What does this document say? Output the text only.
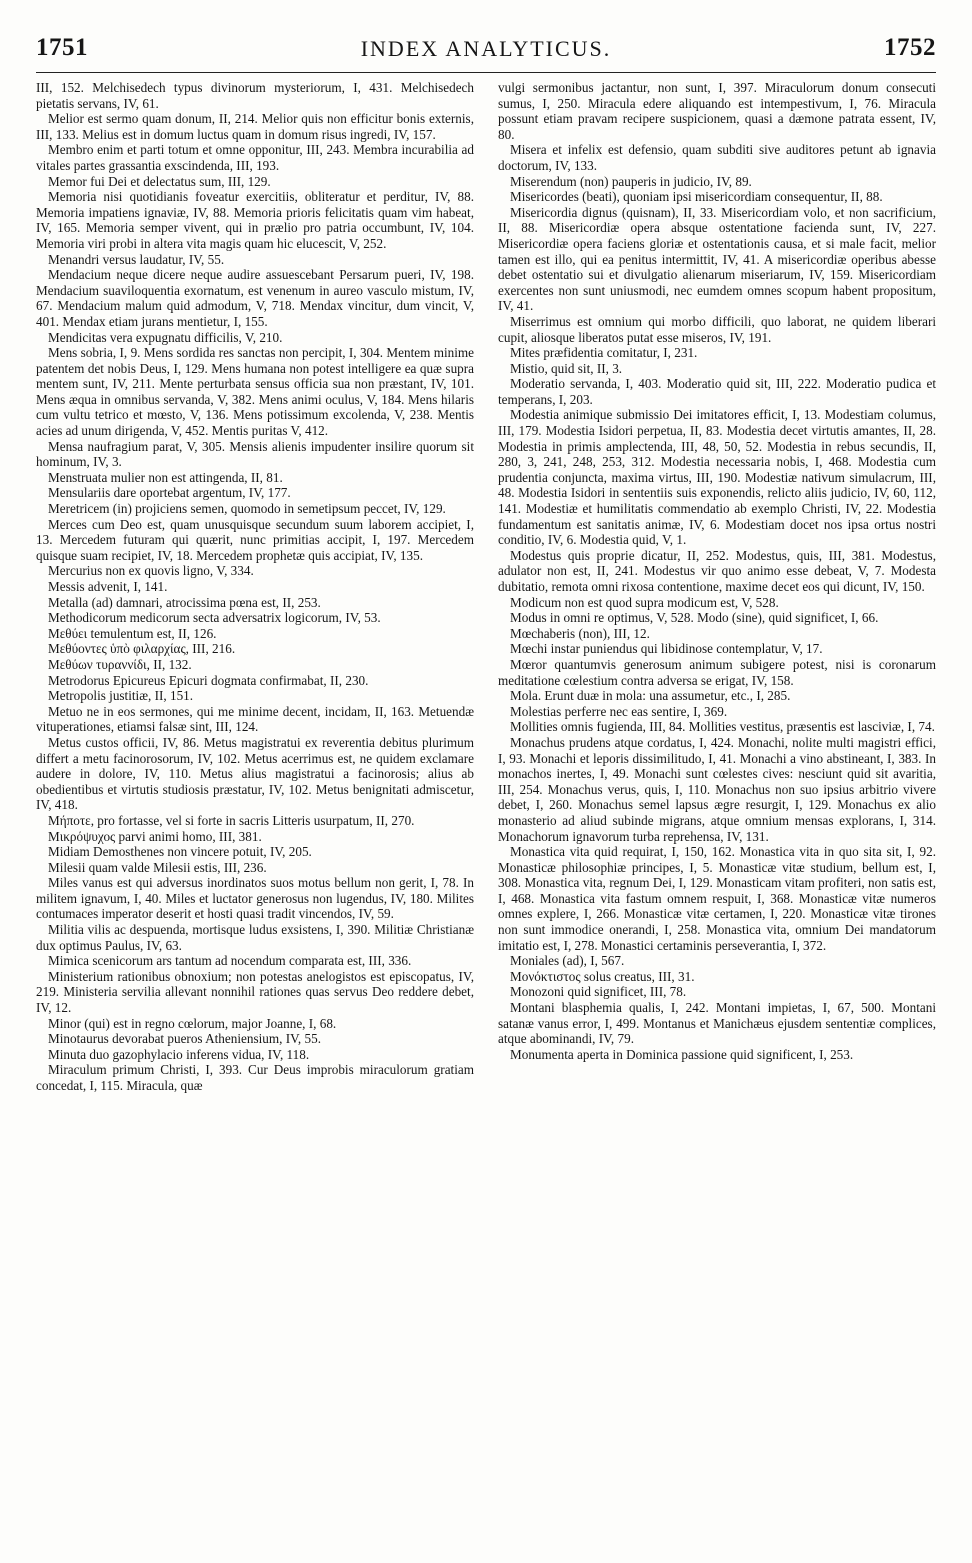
1751	INDEX ANALYTICUS.	1752

III, 152. Melchisedech typus divinorum mysteriorum, I, 431. Melchisedech pietatis servans, IV, 61.

Melior est sermo quam donum, II, 214. Melior quis non efficitur bonis externis, III, 133. Melius est in domum luctus quam in domum risus ingredi, IV, 157.

Membro enim et parti totum et omne opponitur, III, 243. Membra incurabilia ad vitales partes grassantia exscindenda, III, 193.

Memor fui Dei et delectatus sum, III, 129.

Memoria nisi quotidianis foveatur exercitiis, obliteratur et perditur, IV, 88. Memoria impatiens ignaviæ, IV, 88. Memoria prioris felicitatis quam vim habeat, IV, 165. Memoria semper vivent, qui in prælio pro patria occumbunt, IV, 104. Memoria viri probi in altera vita magis quam hic elucescit, V, 252.

Menandri versus laudatur, IV, 55.

Mendacium neque dicere neque audire assuescebant Persarum pueri, IV, 198. Mendacium suaviloquentia exornatum, est venenum in aureo vasculo mistum, IV, 67. Mendacium malum quid admodum, V, 718. Mendax vincitur, dum vincit, V, 401. Mendax etiam jurans mentietur, I, 155.

Mendicitas vera expugnatu difficilis, V, 210.

Mens sobria, I, 9. Mens sordida res sanctas non percipit, I, 304. Mentem minime patentem det nobis Deus, I, 129. Mens humana non potest intelligere ea quæ supra mentem sunt, IV, 211. Mente perturbata sensus officia sua non præstant, IV, 101. Mens æqua in omnibus servanda, V, 382. Mens animi oculus, V, 184. Mens hilaris cum vultu tetrico et mœsto, V, 136. Mens potissimum excolenda, V, 238. Mentis acies ad unum dirigenda, V, 452. Mentis puritas V, 412.

Mensa naufragium parat, V, 305. Mensis alienis impudenter insilire quorum sit hominum, IV, 3.

Menstruata mulier non est attingenda, II, 81.

Mensulariis dare oportebat argentum, IV, 177.

Meretricem (in) projiciens semen, quomodo in semetipsum peccet, IV, 129.

Merces cum Deo est, quam unusquisque secundum suum laborem accipiet, I, 13. Mercedem futuram qui quærit, nunc primitias accipit, I, 197. Mercedem quisque suam recipiet, IV, 18. Mercedem prophetæ quis accipiat, IV, 135.

Mercurius non ex quovis ligno, V, 334.

Messis advenit, I, 141.

Metalla (ad) damnari, atrocissima pœna est, II, 253.

Methodicorum medicorum secta adversatrix logicorum, IV, 53.

Μεθύει temulentum est, II, 126.

Μεθύοντες ὑπὸ φιλαρχίας, III, 216.

Μεθύων τυραννίδι, II, 132.

Metrodorus Epicureus Epicuri dogmata confirmabat, II, 230.

Metropolis justitiæ, II, 151.

Metuo ne in eos sermones, qui me minime decent, incidam, II, 163. Metuendæ vituperationes, etiamsi falsæ sint, III, 124.

Metus custos officii, IV, 86. Metus magistratui ex reverentia debitus plurimum differt a metu facinorosorum, IV, 102. Metus acerrimus est, ne quidem exclamare audere in dolore, IV, 110. Metus alius magistratui a facinorosis; alius ab obedientibus et virtutis studiosis præstatur, IV, 102. Metus benignitati admiscetur, IV, 418.

Μήποτε, pro fortasse, vel si forte in sacris Litteris usurpatum, II, 270.

Μικρόψυχος parvi animi homo, III, 381.

Midiam Demosthenes non vincere potuit, IV, 205.

Milesii quam valde Milesii estis, III, 236.

Miles vanus est qui adversus inordinatos suos motus bellum non gerit, I, 78. In militem ignavum, I, 40. Miles et luctator generosus non lugendus, IV, 180. Milites contumaces imperator deserit et hosti quasi tradit vincendos, IV, 59.

Militia vilis ac despuenda, mortisque ludus exsistens, I, 390. Militiæ Christianæ dux optimus Paulus, IV, 63.

Mimica scenicorum ars tantum ad nocendum comparata est, III, 336.

Ministerium rationibus obnoxium; non potestas anelogistos est episcopatus, IV, 219. Ministeria servilia allevant nonnihil rationes quas servus Deo reddere debet, IV, 12.

Minor (qui) est in regno cœlorum, major Joanne, I, 68.

Minotaurus devorabat pueros Atheniensium, IV, 55.

Minuta duo gazophylacio inferens vidua, IV, 118.

Miraculum primum Christi, I, 393. Cur Deus improbis miraculorum gratiam concedat, I, 115. Miracula, quæ

vulgi sermonibus jactantur, non sunt, I, 397. Miraculorum donum consecuti sumus, I, 250. Miracula edere aliquando est intempestivum, I, 76. Miracula possunt etiam pravam recipere suspicionem, quasi a dæmone patrata essent, IV, 80.

Misera et infelix est defensio, quam subditi sive auditores petunt ab ignavia doctorum, IV, 133.

Miserendum (non) pauperis in judicio, IV, 89.

Misericordes (beati), quoniam ipsi misericordiam consequentur, II, 88.

Misericordia dignus (quisnam), II, 33. Misericordiam volo, et non sacrificium, II, 88. Misericordiæ opera absque ostentatione facienda sunt, IV, 227. Misericordiæ opera faciens gloriæ et ostentationis causa, et si male facit, melior tamen est illo, qui ea penitus intermittit, IV, 41. A misericordiæ operibus abesse debet ostentatio sui et divulgatio alienarum miseriarum, IV, 159. Misericordiam exercentes non sunt uniusmodi, nec eumdem omnes scopum habent propositum, IV, 41.

Miserrimus est omnium qui morbo difficili, quo laborat, ne quidem liberari cupit, aliosque liberatos putat esse miseros, IV, 191.

Mites præfidentia comitatur, I, 231.

Mistio, quid sit, II, 3.

Moderatio servanda, I, 403. Moderatio quid sit, III, 222. Moderatio pudica et temperans, I, 203.

Modestia animique submissio Dei imitatores efficit, I, 13. Modestiam columus, III, 179. Modestia Isidori perpetua, II, 83. Modestia decet virtutis amantes, II, 28. Modestia in primis amplectenda, III, 48, 50, 52. Modestia in rebus secundis, II, 280, 3, 241, 248, 253, 312. Modestia necessaria nobis, I, 468. Modestia cum prudentia conjuncta, maxima virtus, III, 190. Modestiæ nativum simulacrum, III, 48. Modestia Isidori in sententiis suis exponendis, relicto aliis judicio, IV, 60, 112, 141. Modestiæ et humilitatis commendatio ab exemplo Christi, IV, 22. Modestia fundamentum est sanitatis animæ, IV, 6. Modestiam docet nos ipsa ortus nostri conditio, IV, 6. Modestia quid, V, 1.

Modestus quis proprie dicatur, II, 252. Modestus, quis, III, 381. Modestus, adulator non est, II, 241. Modestus vir quo animo esse debeat, V, 7. Modesta dubitatio, remota omni rixosa contentione, maxime decet eos qui dicunt, IV, 150.

Modicum non est quod supra modicum est, V, 528.

Modus in omni re optimus, V, 528. Modo (sine), quid significet, I, 66.

Mœchaberis (non), III, 12.

Mœchi instar puniendus qui libidinose contemplatur, V, 17.

Mœror quantumvis generosum animum subigere potest, nisi is coronarum meditatione cœlestium contra adversa se erigat, IV, 158.

Mola. Erunt duæ in mola: una assumetur, etc., I, 285.

Molestias perferre nec eas sentire, I, 369.

Mollities omnis fugienda, III, 84. Mollities vestitus, præsentis est lasciviæ, I, 74.

Monachus prudens atque cordatus, I, 424. Monachi, nolite multi magistri effici, I, 93. Monachi et leporis dissimilitudo, I, 41. Monachi a vino abstineant, I, 383. In monachos inertes, I, 49. Monachi sunt cœlestes cives: nesciunt quid sit avaritia, III, 254. Monachus verus, quis, I, 110. Monachus non suo ipsius arbitrio vivere debet, I, 260. Monachus semel lapsus ægre resurgit, I, 129. Monachus ex alio monasterio ad aliud subinde migrans, atque omnium mensas explorans, I, 314. Monachorum ignavorum turba reprehensa, IV, 131.

Monastica vita quid requirat, I, 150, 162. Monastica vita in quo sita sit, I, 92. Monasticæ philosophiæ principes, I, 5. Monasticæ vitæ studium, bellum est, I, 308. Monastica vita, regnum Dei, I, 129. Monasticam vitam profiteri, non satis est, I, 468. Monastica vita fastum omnem respuit, I, 368. Monasticæ vitæ numeros omnes explere, I, 266. Monasticæ vitæ certamen, I, 220. Monasticæ vitæ tirones non sunt immodice onerandi, I, 258. Monastica vita, omnium Dei mandatorum imitatio est, I, 278. Monastici certaminis perseverantia, I, 372.

Moniales (ad), I, 567.

Μονόκτιστος solus creatus, III, 31.

Monozoni quid significet, III, 78.

Montani blasphemia qualis, I, 242. Montani impietas, I, 67, 500. Montani satanæ vanus error, I, 499. Montanus et Manichæus ejusdem sententiæ complices, atque abominandi, IV, 79.

Monumenta aperta in Dominica passione quid significent, I, 253.
